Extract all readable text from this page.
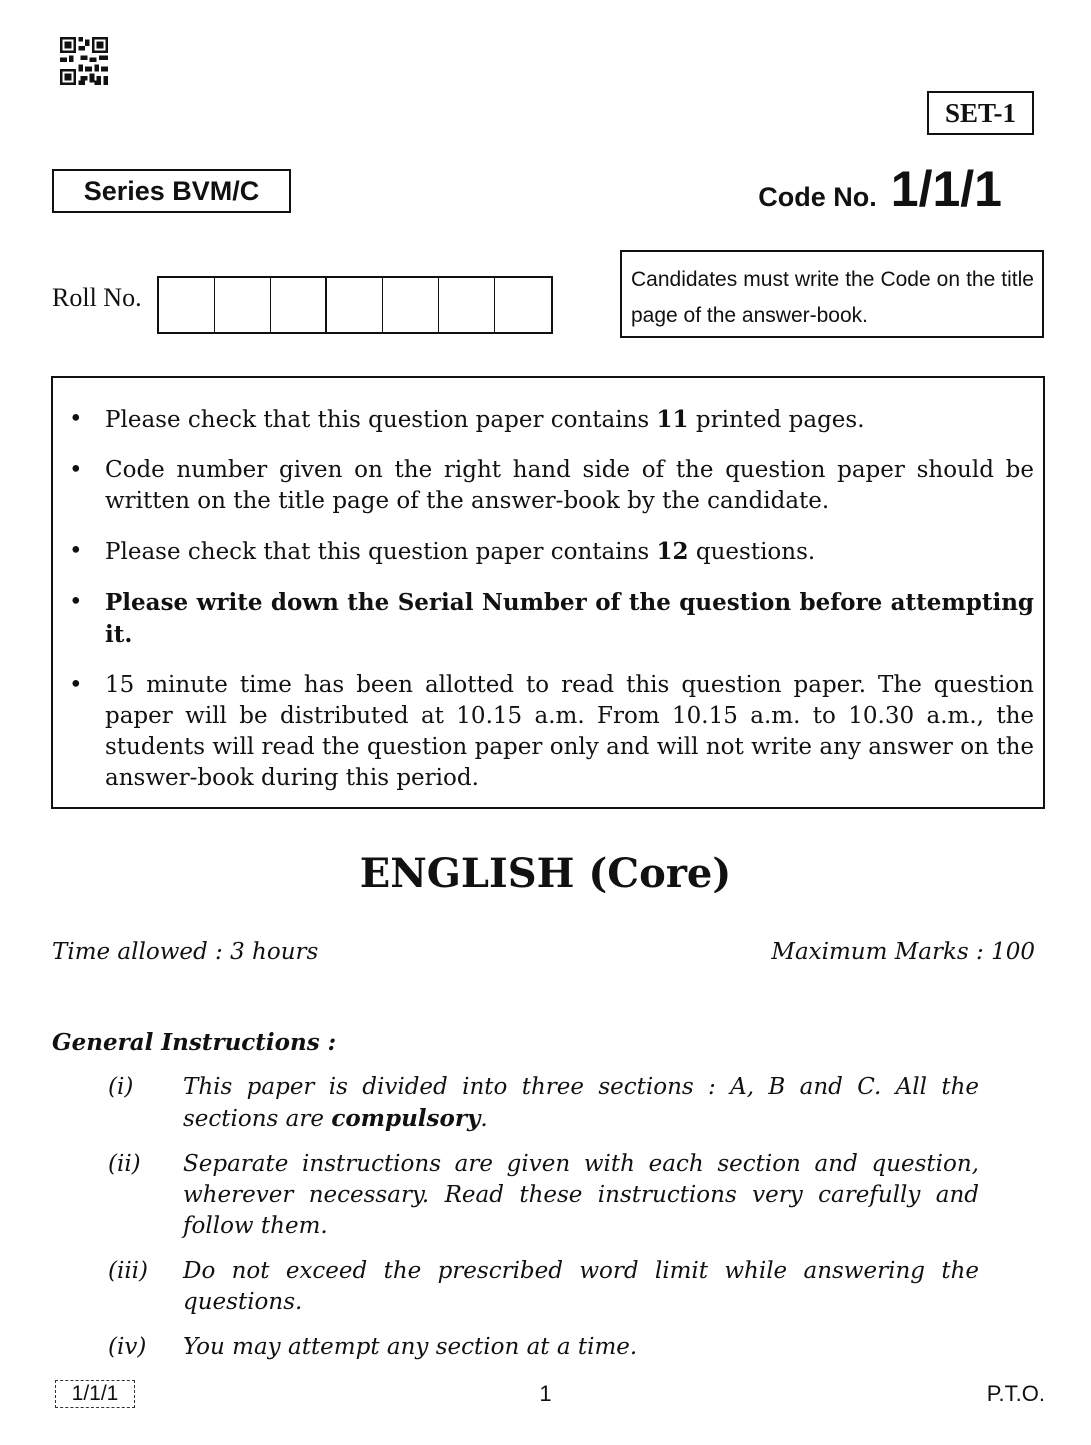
SET-1
Series BVM/C	Code No. 1/1/1
Roll No.
Candidates must write the Code on the title page of the answer-book.
• Please check that this question paper contains 11 printed pages.
• Code number given on the right hand side of the question paper should be written on the title page of the answer-book by the candidate.
• Please check that this question paper contains 12 questions.
• Please write down the Serial Number of the question before attempting it.
• 15 minute time has been allotted to read this question paper. The question paper will be distributed at 10.15 a.m. From 10.15 a.m. to 10.30 a.m., the students will read the question paper only and will not write any answer on the answer-book during this period.
ENGLISH (Core)
Time allowed : 3 hours	Maximum Marks : 100
General Instructions :
(i)	This paper is divided into three sections : A, B and C. All the sections are compulsory.
(ii)	Separate instructions are given with each section and question, wherever necessary. Read these instructions very carefully and follow them.
(iii)	Do not exceed the prescribed word limit while answering the questions.
(iv)	You may attempt any section at a time.
1/1/1	1	P.T.O.
